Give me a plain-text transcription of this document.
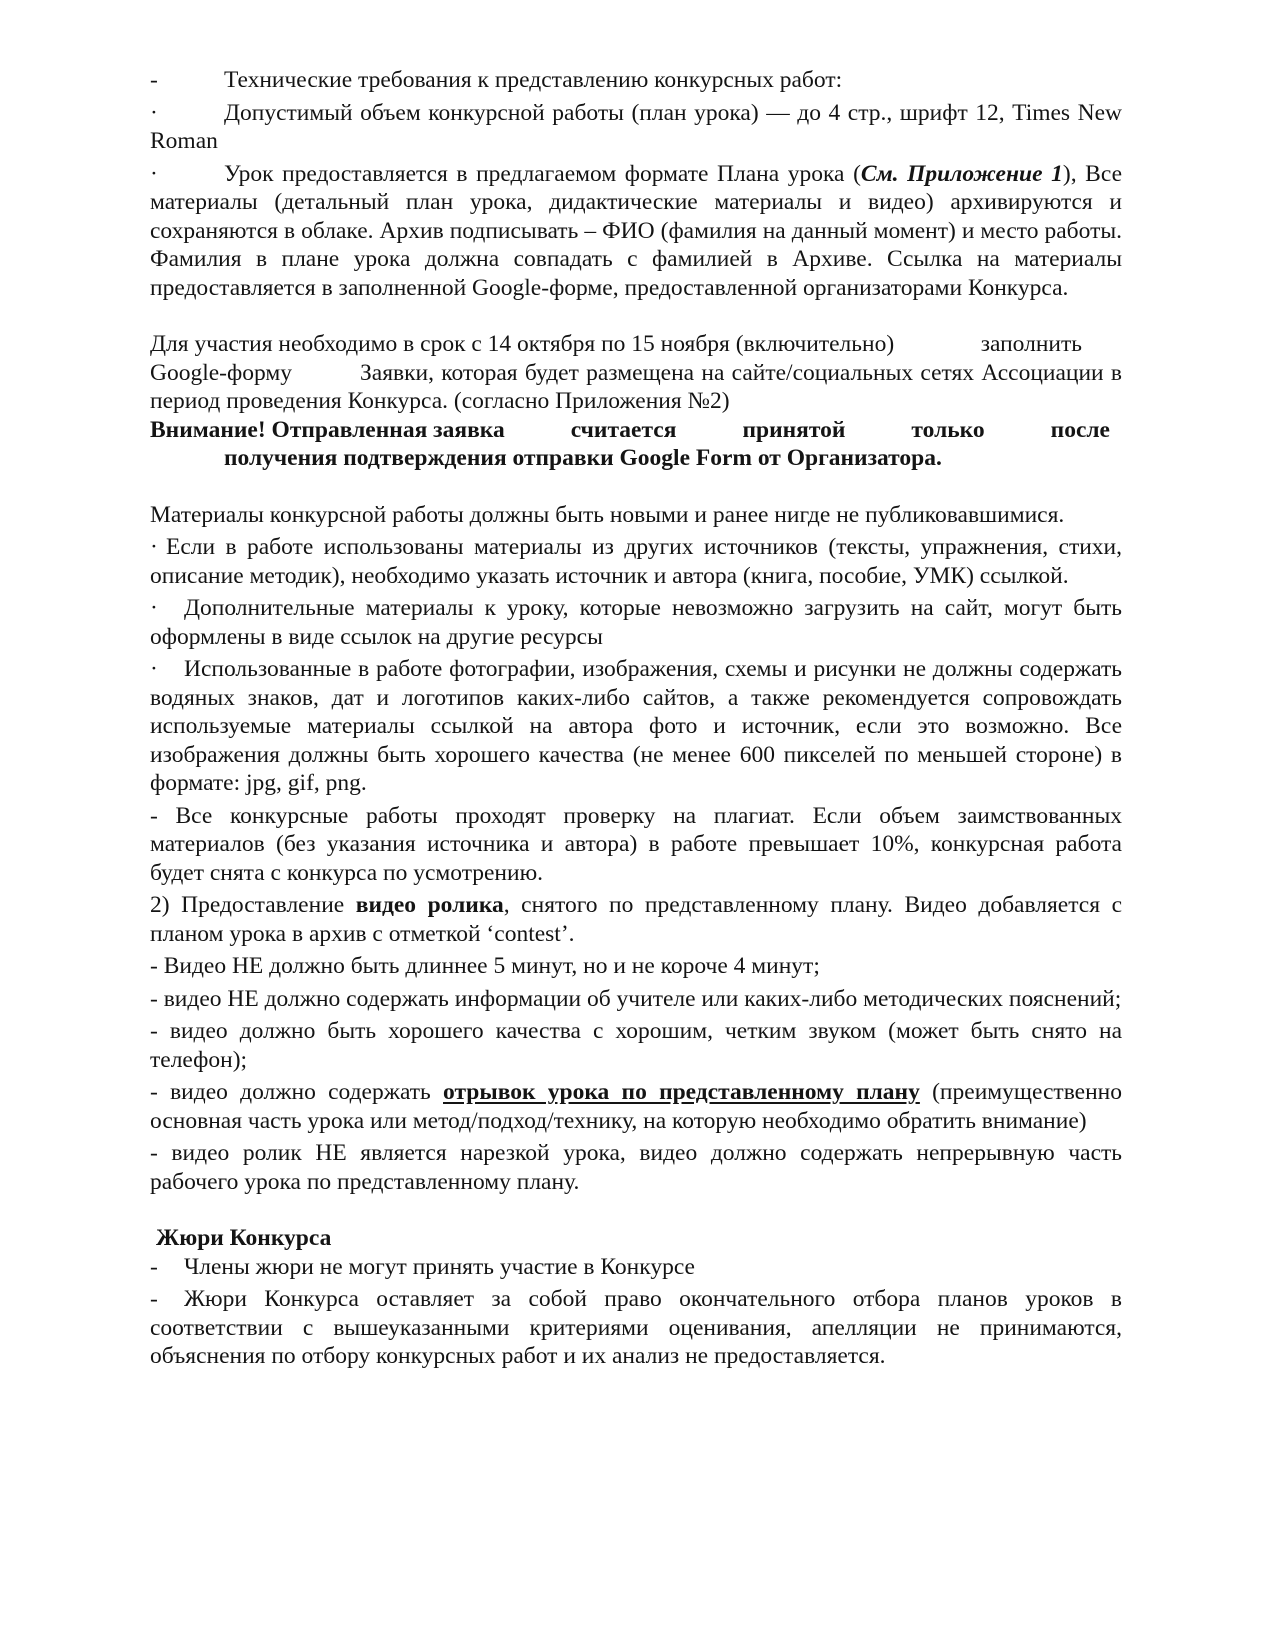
-	Технические требования к представлению конкурсных работ:

·	Допустимый объем конкурсной работы (план урока) — до 4 стр., шрифт 12, Times New Roman

·	Урок предоставляется в предлагаемом формате Плана урока (См. Приложение 1), Все материалы (детальный план урока, дидактические материалы и видео) архивируются и сохраняются в облаке. Архив подписывать – ФИО (фамилия на данный момент) и место работы. Фамилия в плане урока должна совпадать с фамилией в Архиве. Ссылка на материалы предоставляется в заполненной Google-форме, предоставленной организаторами Конкурса.

Для участия необходимо в срок с 14 октября по 15 ноября (включительно)	заполнить

Google-форму	Заявки, которая будет размещена на сайте/социальных сетях Ассоциации в период проведения Конкурса. (согласно Приложения №2)

Внимание! Отправленная заявка	считается	принятой	только	после
получения подтверждения отправки Google Form от Организатора.

Материалы конкурсной работы должны быть новыми и ранее нигде не публиковавшимися.

· Если в работе использованы материалы из других источников (тексты, упражнения, стихи, описание методик), необходимо указать источник и автора (книга, пособие, УМК) ссылкой.

· Дополнительные материалы к уроку, которые невозможно загрузить на сайт, могут быть оформлены в виде ссылок на другие ресурсы

· Использованные в работе фотографии, изображения, схемы и рисунки не должны содержать водяных знаков, дат и логотипов каких-либо сайтов, а также рекомендуется сопровождать используемые материалы ссылкой на автора фото и источник, если это возможно. Все изображения должны быть хорошего качества (не менее 600 пикселей по меньшей стороне) в формате: jpg, gif, png.

- Все конкурсные работы проходят проверку на плагиат. Если объем заимствованных материалов (без указания источника и автора) в работе превышает 10%, конкурсная работа будет снята с конкурса по усмотрению.

2) Предоставление видео ролика, снятого по представленному плану. Видео добавляется с планом урока в архив с отметкой ‘contest’.

- Видео НЕ должно быть длиннее 5 минут, но и не короче 4 минут;

- видео НЕ должно содержать информации об учителе или каких-либо методических пояснений;

- видео должно быть хорошего качества с хорошим, четким звуком (может быть снято на телефон);

- видео должно содержать отрывок урока по представленному плану (преимущественно основная часть урока или метод/подход/технику, на которую необходимо обратить внимание)

- видео ролик НЕ является нарезкой урока, видео должно содержать непрерывную часть рабочего урока по представленному плану.

Жюри Конкурса

- Члены жюри не могут принять участие в Конкурсе

- Жюри Конкурса оставляет за собой право окончательного отбора планов уроков в соответствии с вышеуказанными критериями оценивания, апелляции не принимаются, объяснения по отбору конкурсных работ и их анализ не предоставляется.
